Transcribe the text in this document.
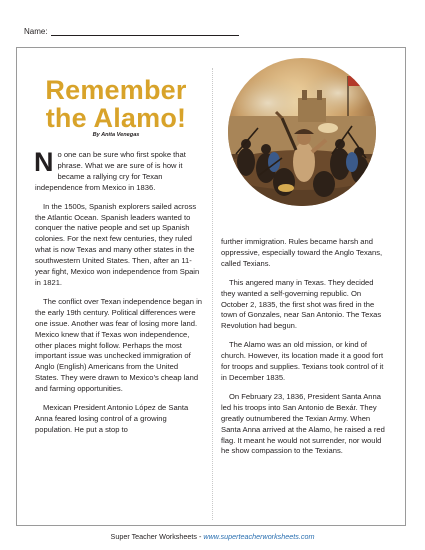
Name:
Remember
the Alamo!
By Anita Venegas

No one can be sure who first spoke that phrase. What we are sure of is how it became a rallying cry for Texan independence from Mexico in 1836.

In the 1500s, Spanish explorers sailed across the Atlantic Ocean. Spanish leaders wanted to conquer the native people and set up Spanish colonies. For the next few centuries, they ruled what is now Texas and many other states in the southwestern United States. Then, after an 11-year fight, Mexico won independence from Spain in 1821.

The conflict over Texan independence began in the early 19th century. Political differences were one issue. Another was fear of losing more land. Mexico knew that if Texas won independence, other places might follow. Perhaps the most important issue was unchecked immigration of Anglo (English) Americans from the United States. They were drawn to Mexico’s cheap land and farming opportunities.

Mexican President Antonio López de Santa Anna feared losing control of a growing population. He put a stop to

further immigration. Rules became harsh and oppressive, especially toward the Anglo Texans, called Texians.

This angered many in Texas. They decided they wanted a self-governing republic. On October 2, 1835, the first shot was fired in the town of Gonzales, near San Antonio. The Texas Revolution had begun.

The Alamo was an old mission, or kind of church. However, its location made it a good fort for troops and supplies. Texians took control of it in December 1835.

On February 23, 1836, President Santa Anna led his troops into San Antonio de Bexár. They greatly outnumbered the Texian Army. When Santa Anna arrived at the Alamo, he raised a red flag. It meant he would not surrender, nor would he show compassion to the Texians.

Super Teacher Worksheets - www.superteacherworksheets.com
